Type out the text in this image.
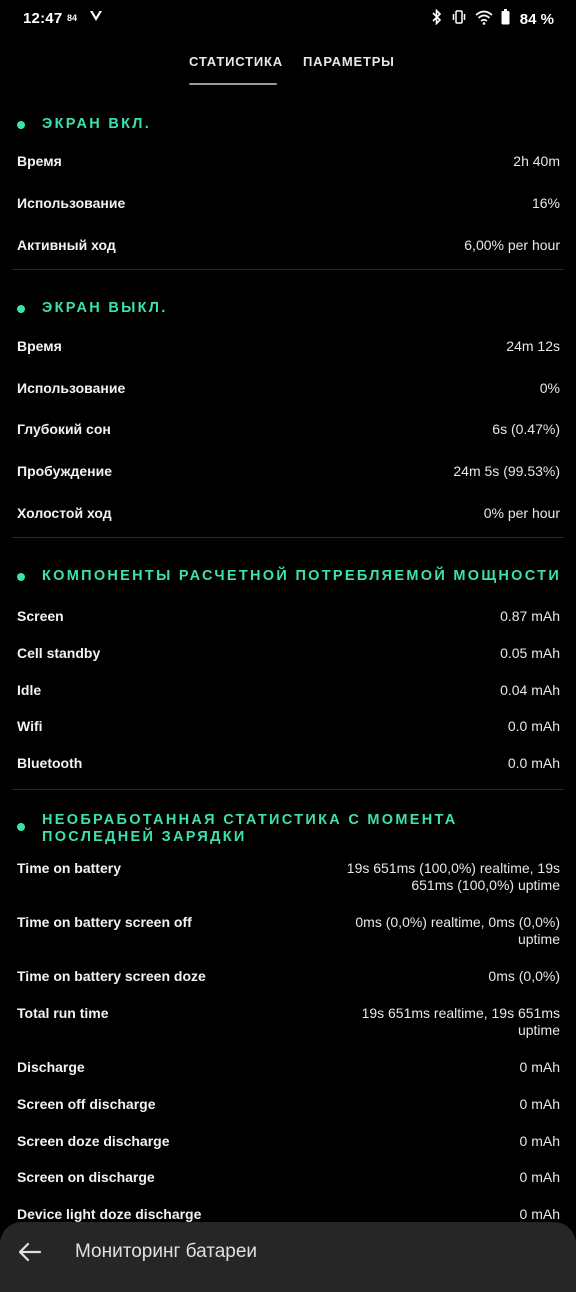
12:47 84	84 %
СТАТИСТИКА ПАРАМЕТРЫ
ЭКРАН ВКЛ.
Время	2h 40m
Использование	16%
Активный ход	6,00% per hour
ЭКРАН ВЫКЛ.
Время	24m 12s
Использование	0%
Глубокий сон	6s (0.47%)
Пробуждение	24m 5s (99.53%)
Холостой ход	0% per hour
КОМПОНЕНТЫ РАСЧЕТНОЙ ПОТРЕБЛЯЕМОЙ МОЩНОСТИ
Screen	0.87 mAh
Cell standby	0.05 mAh
Idle	0.04 mAh
Wifi	0.0 mAh
Bluetooth	0.0 mAh
НЕОБРАБОТАННАЯ СТАТИСТИКА С МОМЕНТА ПОСЛЕДНЕЙ ЗАРЯДКИ
Time on battery	19s 651ms (100,0%) realtime, 19s 651ms (100,0%) uptime
Time on battery screen off	0ms (0,0%) realtime, 0ms (0,0%) uptime
Time on battery screen doze	0ms (0,0%)
Total run time	19s 651ms realtime, 19s 651ms uptime
Discharge	0 mAh
Screen off discharge	0 mAh
Screen doze discharge	0 mAh
Screen on discharge	0 mAh
Device light doze discharge	0 mAh
Мониторинг батареи
